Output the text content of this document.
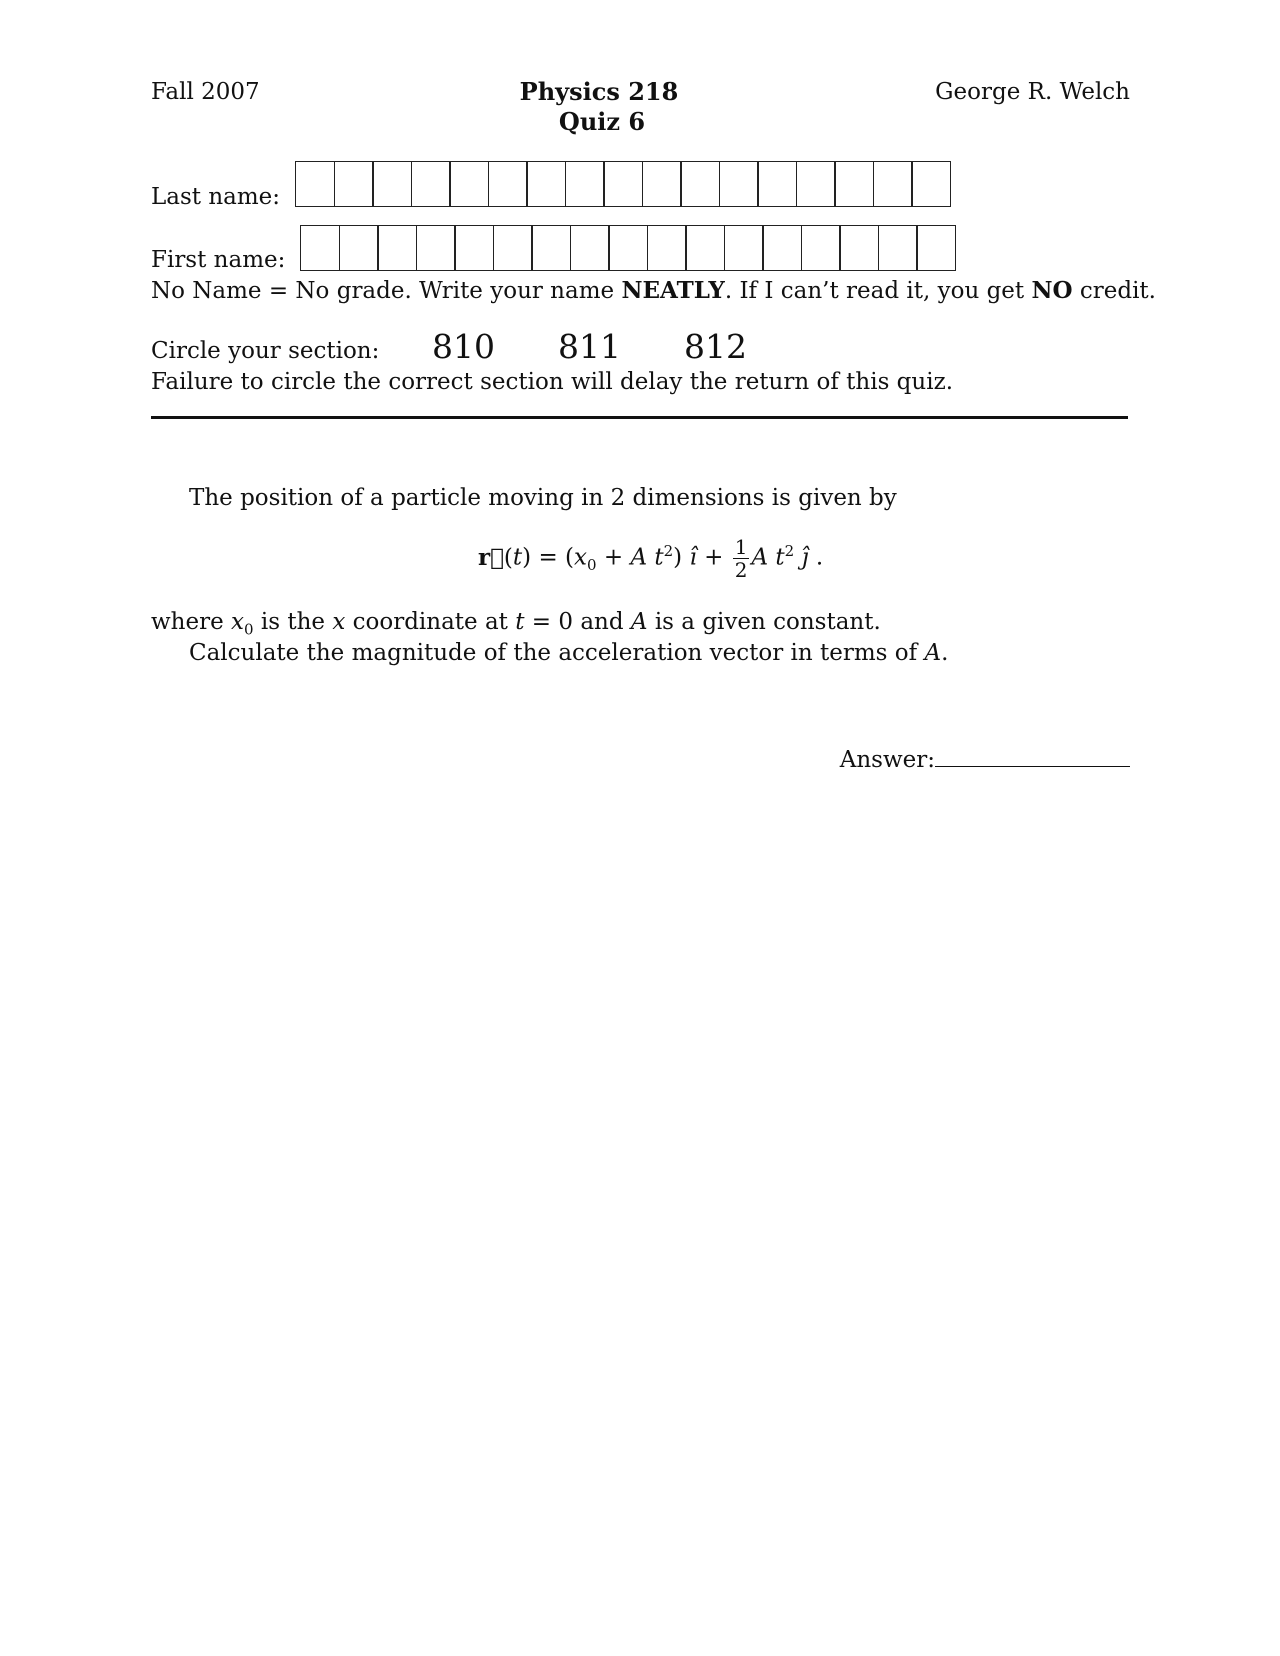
Fall 2007	Physics 218
Quiz 6
George R. Welch
Last name:
First name:
No Name = No grade. Write your name NEATLY. If I can’t read it, you get NO credit.
Circle your section: 810 811 812
Failure to circle the correct section will delay the return of this quiz.
The position of a particle moving in 2 dimensions is given by
r⃗(t) = ($x_0 + A$ $t^2$) ı̂ + $\frac{1}{2}$ A $t^2$ ȷ̂ .
where $x_0$ is the x coordinate at t = 0 and A is a given constant.
Calculate the magnitude of the acceleration vector in terms of A.
Answer:
